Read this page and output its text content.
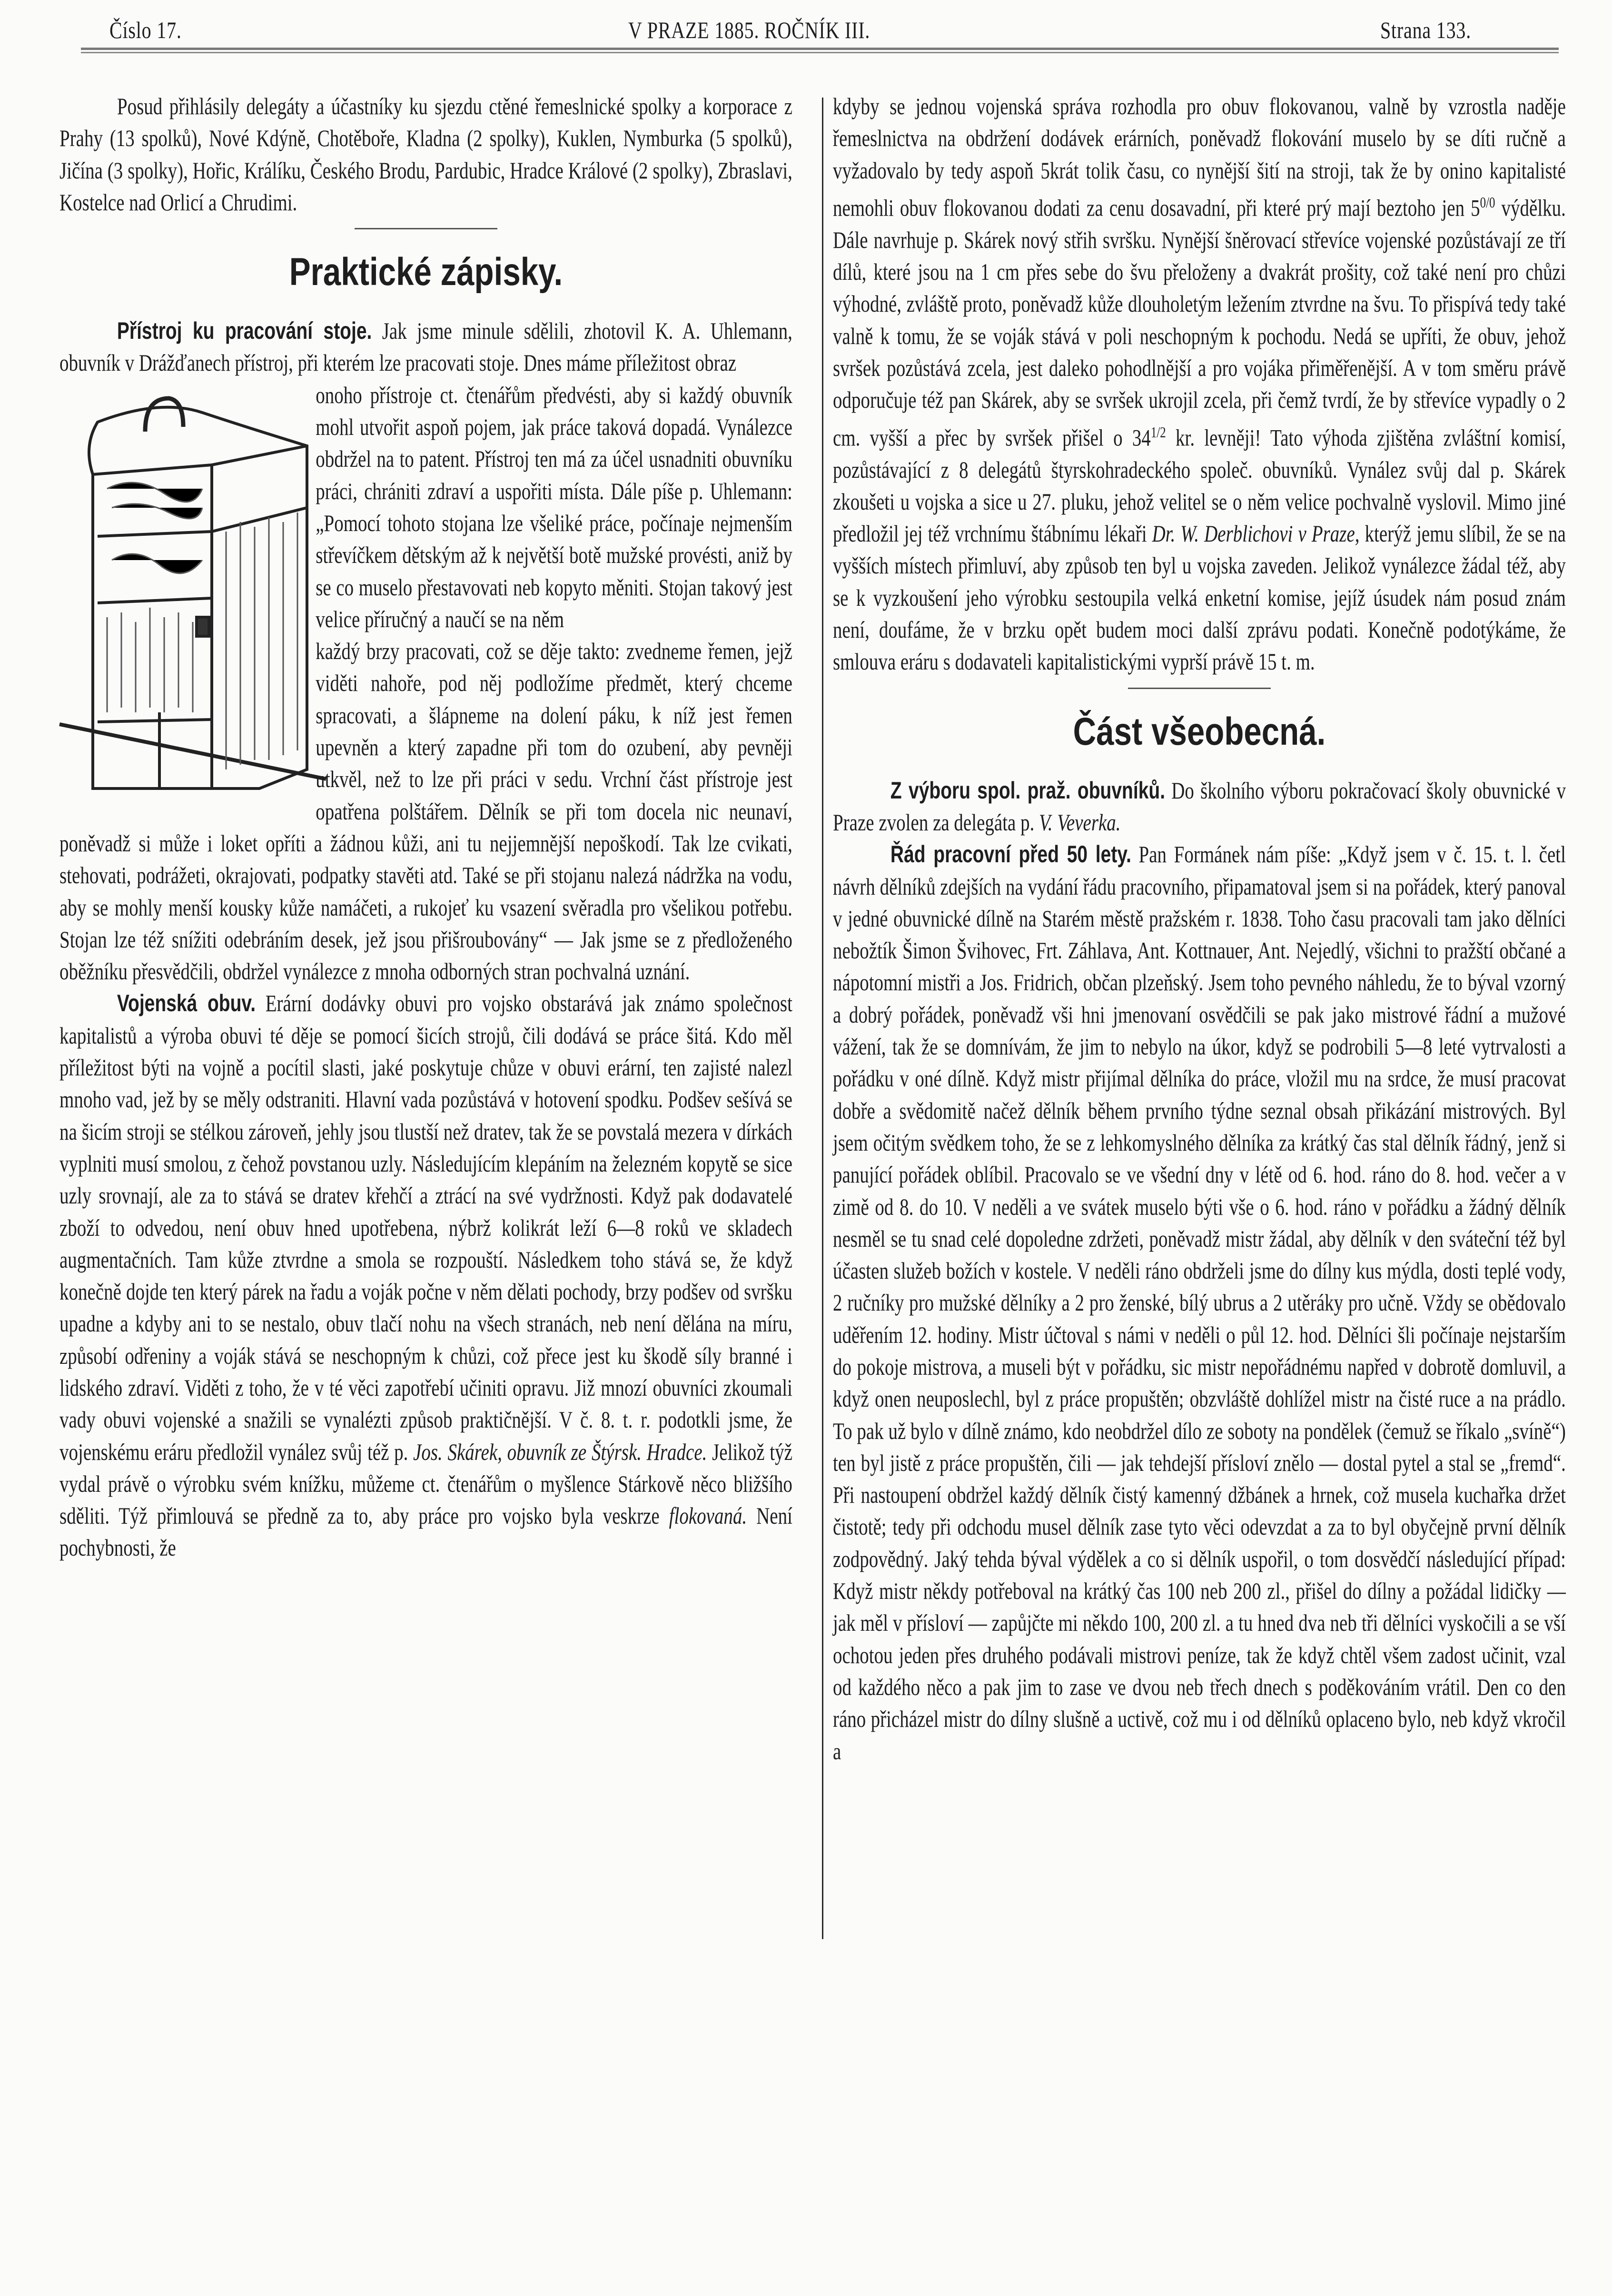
Číslo 17.	V PRAZE 1885. ROČNÍK III.	Strana 133.

Posud přihlásily delegáty a účastníky ku sjezdu ctěné řemeslnické spolky a korporace z Prahy (13 spolků), Nové Kdýně, Chotěboře, Kladna (2 spolky), Kuklen, Nymburka (5 spolků), Jičína (3 spolky), Hořic, Králíku, Českého Brodu, Pardubic, Hradce Králové (2 spolky), Zbraslavi, Kostelce nad Orlicí a Chrudimi.

Praktické zápisky.

Přístroj ku pracování stoje. Jak jsme minule sdělili, zhotovil K. A. Uhlemann, obuvník v Drážďanech přístroj, při kterém lze pracovati stoje. Dnes máme příležitost obraz

onoho přístroje ct. čtenářům předvésti, aby si každý obuvník mohl utvořit aspoň pojem, jak práce taková dopadá. Vynálezce obdržel na to patent. Přístroj ten má za účel usnadniti obuvníku práci, chrániti zdraví a uspořiti místa. Dále píše p. Uhlemann: „Pomocí tohoto stojana lze všeliké práce, počínaje nejmenším střevíčkem dětským až k největší botě mužské provésti, aniž by se co muselo přestavovati neb kopyto měniti. Stojan takový jest velice příručný a naučí se na něm

každý brzy pracovati, což se děje takto: zvedneme řemen, jejž viděti nahoře, pod něj podložíme předmět, který chceme spracovati, a šlápneme na dolení páku, k níž jest řemen upevněn a který zapadne při tom do ozubení, aby pevněji utkvěl, než to lze při práci v sedu. Vrchní část přístroje jest opatřena polštářem. Dělník se při tom docela nic neunaví, poněvadž si může i loket opříti a žádnou kůži, ani tu nejjemnější nepoškodí. Tak lze cvikati, stehovati, podrážeti, okrajovati, podpatky stavěti atd. Také se při stojanu nalezá nádržka na vodu, aby se mohly menší kousky kůže namáčeti, a rukojeť ku vsazení svěradla pro všelikou potřebu. Stojan lze též snížiti odebráním desek, jež jsou přišroubovány“ — Jak jsme se z předloženého oběžníku přesvědčili, obdržel vynálezce z mnoha odborných stran pochvalná uznání.

Vojenská obuv. Erární dodávky obuvi pro vojsko obstarává jak známo společnost kapitalistů a výroba obuvi té děje se pomocí šicích strojů, čili dodává se práce šitá. Kdo měl příležitost býti na vojně a pocítil slasti, jaké poskytuje chůze v obuvi erární, ten zajisté nalezl mnoho vad, jež by se měly odstraniti. Hlavní vada pozůstává v hotovení spodku. Podšev sešívá se na šicím stroji se stélkou zároveň, jehly jsou tlustší než dratev, tak že se povstalá mezera v dírkách vyplniti musí smolou, z čehož povstanou uzly. Následujícím klepáním na železném kopytě se sice uzly srovnají, ale za to stává se dratev křehčí a ztrácí na své vydržnosti. Když pak dodavatelé zboží to odvedou, není obuv hned upotřebena, nýbrž kolikrát leží 6—8 roků ve skladech augmentačních. Tam kůže ztvrdne a smola se rozpouští. Následkem toho stává se, že když konečně dojde ten který párek na řadu a voják počne v něm dělati pochody, brzy podšev od svršku upadne a kdyby ani to se nestalo, obuv tlačí nohu na všech stranách, neb není dělána na míru, způsobí odřeniny a voják stává se neschopným k chůzi, což přece jest ku škodě síly branné i lidského zdraví. Viděti z toho, že v té věci zapotřebí učiniti opravu. Již mnozí obuvníci zkoumali vady obuvi vojenské a snažili se vynalézti způsob praktičnější. V č. 8. t. r. podotkli jsme, že vojenskému eráru předložil vynález svůj též p. Jos. Skárek, obuvník ze Štýrsk. Hradce. Jelikož týž vydal právě o výrobku svém knížku, můžeme ct. čtenářům o myšlence Stárkově něco bližšího sděliti. Týž přimlouvá se předně za to, aby práce pro vojsko byla veskrze flokovaná. Není pochybnosti, že

kdyby se jednou vojenská správa rozhodla pro obuv flokovanou, valně by vzrostla naděje řemeslnictva na obdržení dodávek erárních, poněvadž flokování muselo by se díti ručně a vyžadovalo by tedy aspoň 5krát tolik času, co nynější šití na stroji, tak že by onino kapitalisté nemohli obuv flokovanou dodati za cenu dosavadní, při které prý mají beztoho jen $5^{0/0}$ výdělku. Dále navrhuje p. Skárek nový střih svršku. Nynější šněrovací střevíce vojenské pozůstávají ze tří dílů, které jsou na 1 cm přes sebe do švu přeloženy a dvakrát prošity, což také není pro chůzi výhodné, zvláště proto, poněvadž kůže dlouholetým ležením ztvrdne na švu. To přispívá tedy také valně k tomu, že se voják stává v poli neschopným k pochodu. Nedá se upříti, že obuv, jehož svršek pozůstává zcela, jest daleko pohodlnější a pro vojáka přiměřenější. A v tom směru právě odporučuje též pan Skárek, aby se svršek ukrojil zcela, při čemž tvrdí, že by střevíce vypadly o 2 cm. vyšší a přec by svršek přišel o $34^{1/2}$ kr. levněji! Tato výhoda zjištěna zvláštní komisí, pozůstávající z 8 delegátů štyrskohradeckého společ. obuvníků. Vynález svůj dal p. Skárek zkoušeti u vojska a sice u 27. pluku, jehož velitel se o něm velice pochvalně vyslovil. Mimo jiné předložil jej též vrchnímu štábnímu lékaři Dr. W. Derblichovi v Praze, kterýž jemu slíbil, že se na vyšších místech přimluví, aby způsob ten byl u vojska zaveden. Jelikož vynálezce žádal též, aby se k vyzkoušení jeho výrobku sestoupila velká enketní komise, jejíž úsudek nám posud znám není, doufáme, že v brzku opět budem moci další zprávu podati. Konečně podotýkáme, že smlouva eráru s dodavateli kapitalistickými vyprší právě 15 t. m.

Část všeobecná.

Z výboru spol. praž. obuvníků. Do školního výboru pokračovací školy obuvnické v Praze zvolen za delegáta p. V. Veverka.

Řád pracovní před 50 lety. Pan Formánek nám píše: „Když jsem v č. 15. t. l. četl návrh dělníků zdejších na vydání řádu pracovního, připamatoval jsem si na pořádek, který panoval v jedné obuvnické dílně na Starém městě pražském r. 1838. Toho času pracovali tam jako dělníci nebožtík Šimon Švihovec, Frt. Záhlava, Ant. Kottnauer, Ant. Nejedlý, všichni to pražští občané a nápotomní mistři a Jos. Fridrich, občan plzeňský. Jsem toho pevného náhledu, že to býval vzorný a dobrý pořádek, poněvadž vši hni jmenovaní osvědčili se pak jako mistrové řádní a mužové vážení, tak že se domnívám, že jim to nebylo na úkor, když se podrobili 5—8 leté vytrvalosti a pořádku v oné dílně. Když mistr přijímal dělníka do práce, vložil mu na srdce, že musí pracovat dobře a svědomitě načež dělník během prvního týdne seznal obsah přikázání mistrových. Byl jsem očitým svědkem toho, že se z lehkomyslného dělníka za krátký čas stal dělník řádný, jenž si panující pořádek oblíbil. Pracovalo se ve všední dny v létě od 6. hod. ráno do 8. hod. večer a v zimě od 8. do 10. V neděli a ve svátek muselo býti vše o 6. hod. ráno v pořádku a žádný dělník nesměl se tu snad celé dopoledne zdržeti, poněvadž mistr žádal, aby dělník v den sváteční též byl účasten služeb božích v kostele. V neděli ráno obdrželi jsme do dílny kus mýdla, dosti teplé vody, 2 ručníky pro mužské dělníky a 2 pro ženské, bílý ubrus a 2 utěráky pro učně. Vždy se obědovalo uděřením 12. hodiny. Mistr účtoval s námi v neděli o půl 12. hod. Dělníci šli počínaje nejstarším do pokoje mistrova, a museli být v pořádku, sic mistr nepořádnému napřed v dobrotě domluvil, a když onen neuposlechl, byl z práce propuštěn; obzvláště dohlížel mistr na čisté ruce a na prádlo. To pak už bylo v dílně známo, kdo neobdržel dílo ze soboty na pondělek (čemuž se říkalo „svíně“) ten byl jistě z práce propuštěn, čili — jak tehdejší přísloví znělo — dostal pytel a stal se „fremd“. Při nastoupení obdržel každý dělník čistý kamenný džbánek a hrnek, což musela kuchařka držet čistotě; tedy při odchodu musel dělník zase tyto věci odevzdat a za to byl obyčejně první dělník zodpovědný. Jaký tehda býval výdělek a co si dělník uspořil, o tom dosvědčí následující případ: Když mistr někdy potřeboval na krátký čas 100 neb 200 zl., přišel do dílny a požádal lidičky — jak měl v přísloví — zapůjčte mi někdo 100, 200 zl. a tu hned dva neb tři dělníci vyskočili a se vší ochotou jeden přes druhého podávali mistrovi peníze, tak že když chtěl všem zadost učinit, vzal od každého něco a pak jim to zase ve dvou neb třech dnech s poděkováním vrátil. Den co den ráno přicházel mistr do dílny slušně a uctivě, což mu i od dělníků oplaceno bylo, neb když vkročil a
